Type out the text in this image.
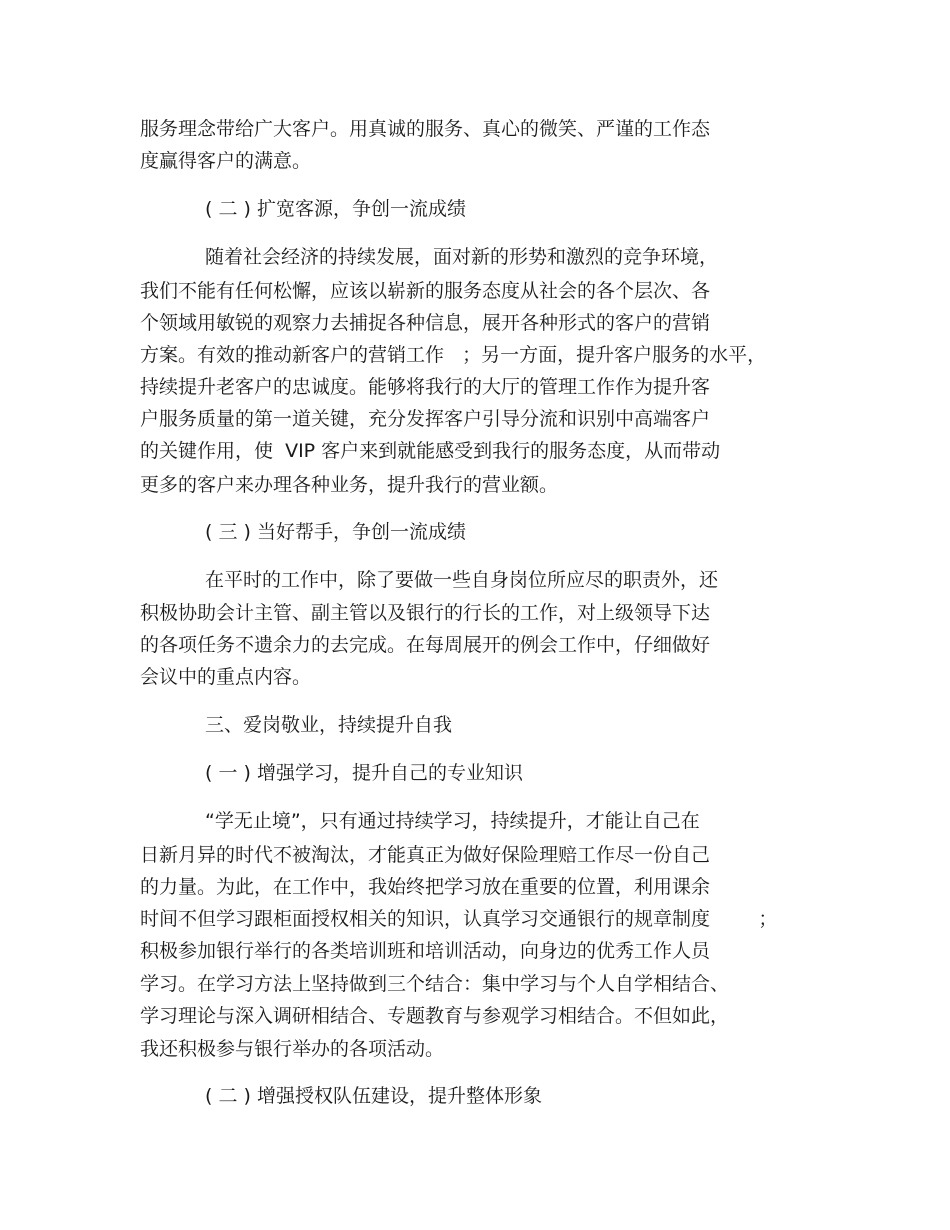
服务理念带给广大客户。用真诚的服务、真心的微笑、严谨的工作态

度赢得客户的满意。

( 二 ) 扩宽客源，争创一流成绩

随着社会经济的持续发展，面对新的形势和激烈的竞争环境，

我们不能有任何松懈，应该以崭新的服务态度从社会的各个层次、各

个领域用敏锐的观察力去捕捉各种信息，展开各种形式的客户的营销

方案。有效的推动新客户的营销工作   ；另一方面，提升客户服务的水平，

持续提升老客户的忠诚度。能够将我行的大厅的管理工作作为提升客

户服务质量的第一道关键，充分发挥客户引导分流和识别中高端客户

的关键作用，使  VIP 客户来到就能感受到我行的服务态度，从而带动

更多的客户来办理各种业务，提升我行的营业额。

( 三 ) 当好帮手，争创一流成绩

在平时的工作中，除了要做一些自身岗位所应尽的职责外，还

积极协助会计主管、副主管以及银行的行长的工作，对上级领导下达

的各项任务不遗余力的去完成。在每周展开的例会工作中，仔细做好

会议中的重点内容。

三、爱岗敬业，持续提升自我

( 一 ) 增强学习，提升自己的专业知识

“学无止境”，只有通过持续学习，持续提升，才能让自己在

日新月异的时代不被淘汰，才能真正为做好保险理赔工作尽一份自己

的力量。为此，在工作中，我始终把学习放在重要的位置，利用课余

时间不但学习跟柜面授权相关的知识，认真学习交通银行的规章制度        ；

积极参加银行举行的各类培训班和培训活动，向身边的优秀工作人员

学习。在学习方法上坚持做到三个结合：集中学习与个人自学相结合、

学习理论与深入调研相结合、专题教育与参观学习相结合。不但如此，

我还积极参与银行举办的各项活动。

( 二 ) 增强授权队伍建设，提升整体形象
